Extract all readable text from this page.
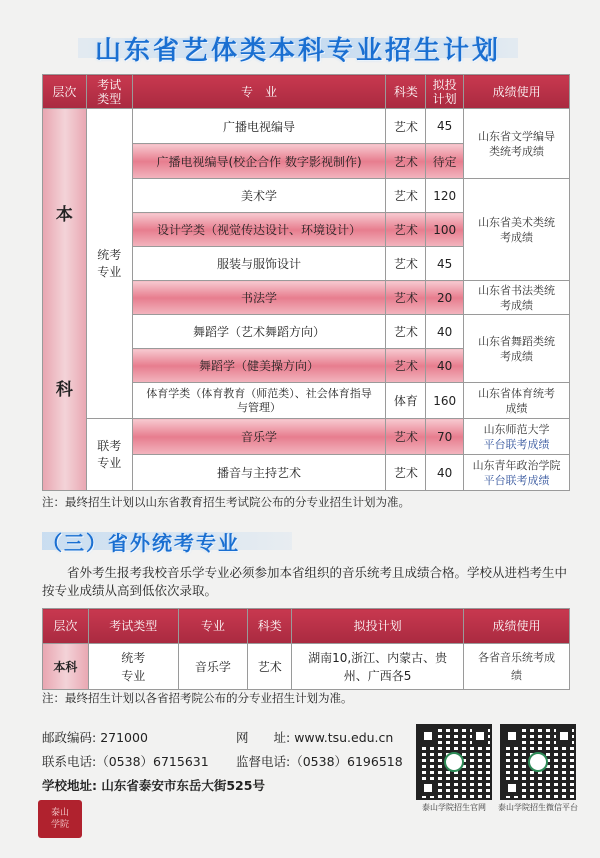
山东省艺体类本科专业招生计划
层次	考试类型	专　业	科类	拟投计划	成绩使用

本
科	统考专业	广播电视编导	艺术	45	山东省文学编导类统考成绩

		广播电视编导(校企合作 数字影视制作)	艺术	待定	
		美术学	艺术	120	山东省美术类统考成绩

		设计学类（视觉传达设计、环境设计）	艺术	100	
		服装与服饰设计	艺术	45	
		书法学	艺术	20	山东省书法类统考成绩

		舞蹈学（艺术舞蹈方向）	艺术	40	山东省舞蹈类统考成绩

		舞蹈学（健美操方向）	艺术	40	

		体育学类（体育教育（师范类）、社会体育指导与管理）	体育	160	山东省体育统考成绩

	联考专业	音乐学	艺术	70	山东师范大学
平台联考成绩

		播音与主持艺术	艺术	40	山东青年政治学院
平台联考成绩
注：最终招生计划以山东省教育招生考试院公布的分专业招生计划为准。
（三）省外统考专业
省外考生报考我校音乐学专业必须参加本省组织的音乐统考且成绩合格。学校从进档考生中按专业成绩从高到低依次录取。
层次	考试类型	专业	科类	拟投计划	成绩使用
本科	统考专业	音乐学	艺术	湖南10,浙江、内蒙古、贵州、广西各5	各省音乐统考成绩
注：最终招生计划以各省招考院公布的分专业招生计划为准。
邮政编码: 271000	网　　址: www.tsu.edu.cn
联系电话:（0538）6715631 监督电话:（0538）6196518
学校地址: 山东省泰安市东岳大街525号
泰山学院招生官网	泰山学院招生微信平台
泰山
学院
